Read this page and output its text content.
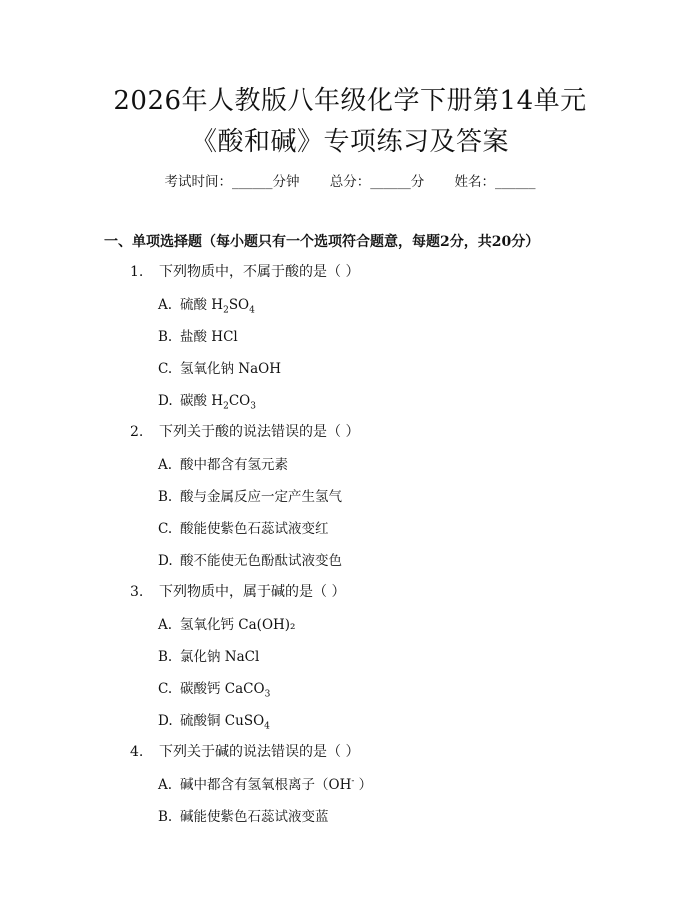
2026年人教版八年级化学下册第14单元
《酸和碱》专项练习及答案
考试时间：______分钟 总分：______分 姓名：______
一、单项选择题（每小题只有一个选项符合题意，每题2分，共20分）
1. 下列物质中，不属于酸的是（ ）
A. 硫酸 $H_2SO_4$
B. 盐酸 HCl
C. 氢氧化钠 NaOH
D. 碳酸 $H_2CO_3$
2. 下列关于酸的说法错误的是（ ）
A. 酸中都含有氢元素
B. 酸与金属反应一定产生氢气
C. 酸能使紫色石蕊试液变红
D. 酸不能使无色酚酞试液变色
3. 下列物质中，属于碱的是（ ）
A. 氢氧化钙 Ca(OH)₂
B. 氯化钠 NaCl
C. 碳酸钙 CaCO$_3$
D. 硫酸铜 CuSO$_4$
4. 下列关于碱的说法错误的是（ ）
A. 碱中都含有氢氧根离子（OH- ）
B. 碱能使紫色石蕊试液变蓝
